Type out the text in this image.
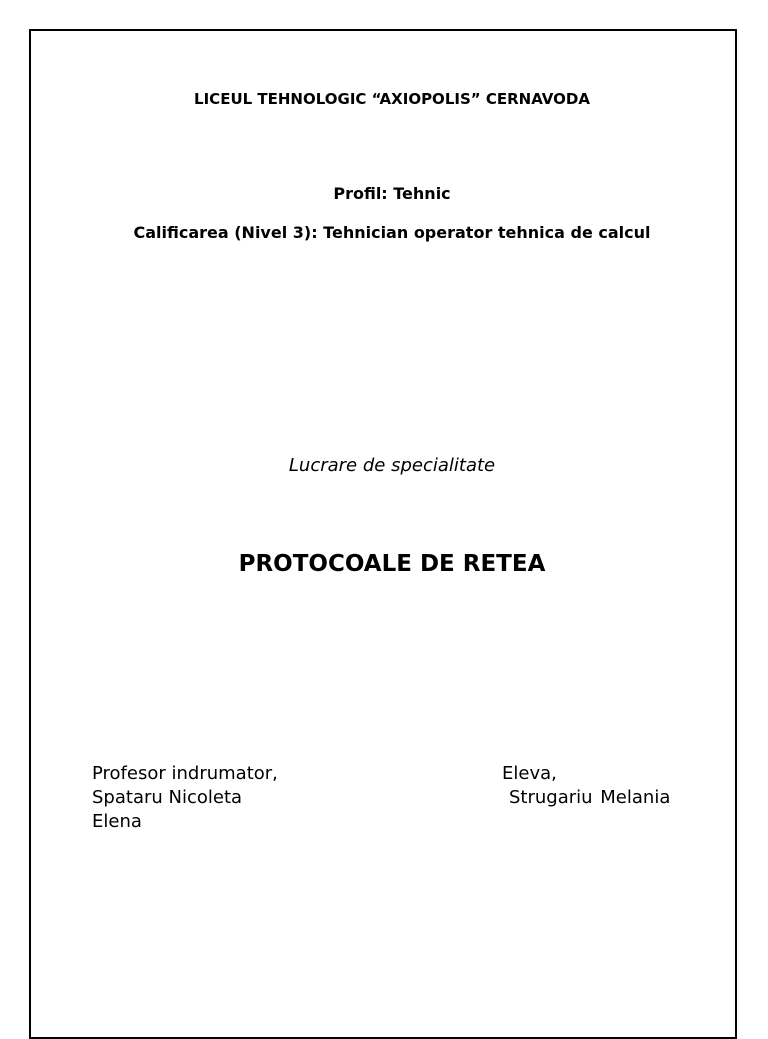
LICEUL TEHNOLOGIC “AXIOPOLIS” CERNAVODA
Profil: Tehnic
Calificarea (Nivel 3): Tehnician operator tehnica de calcul
Lucrare de specialitate
PROTOCOALE DE RETEA
Profesor indrumator,
Spataru Nicoleta
Elena
Eleva,
Strugariu Melania
